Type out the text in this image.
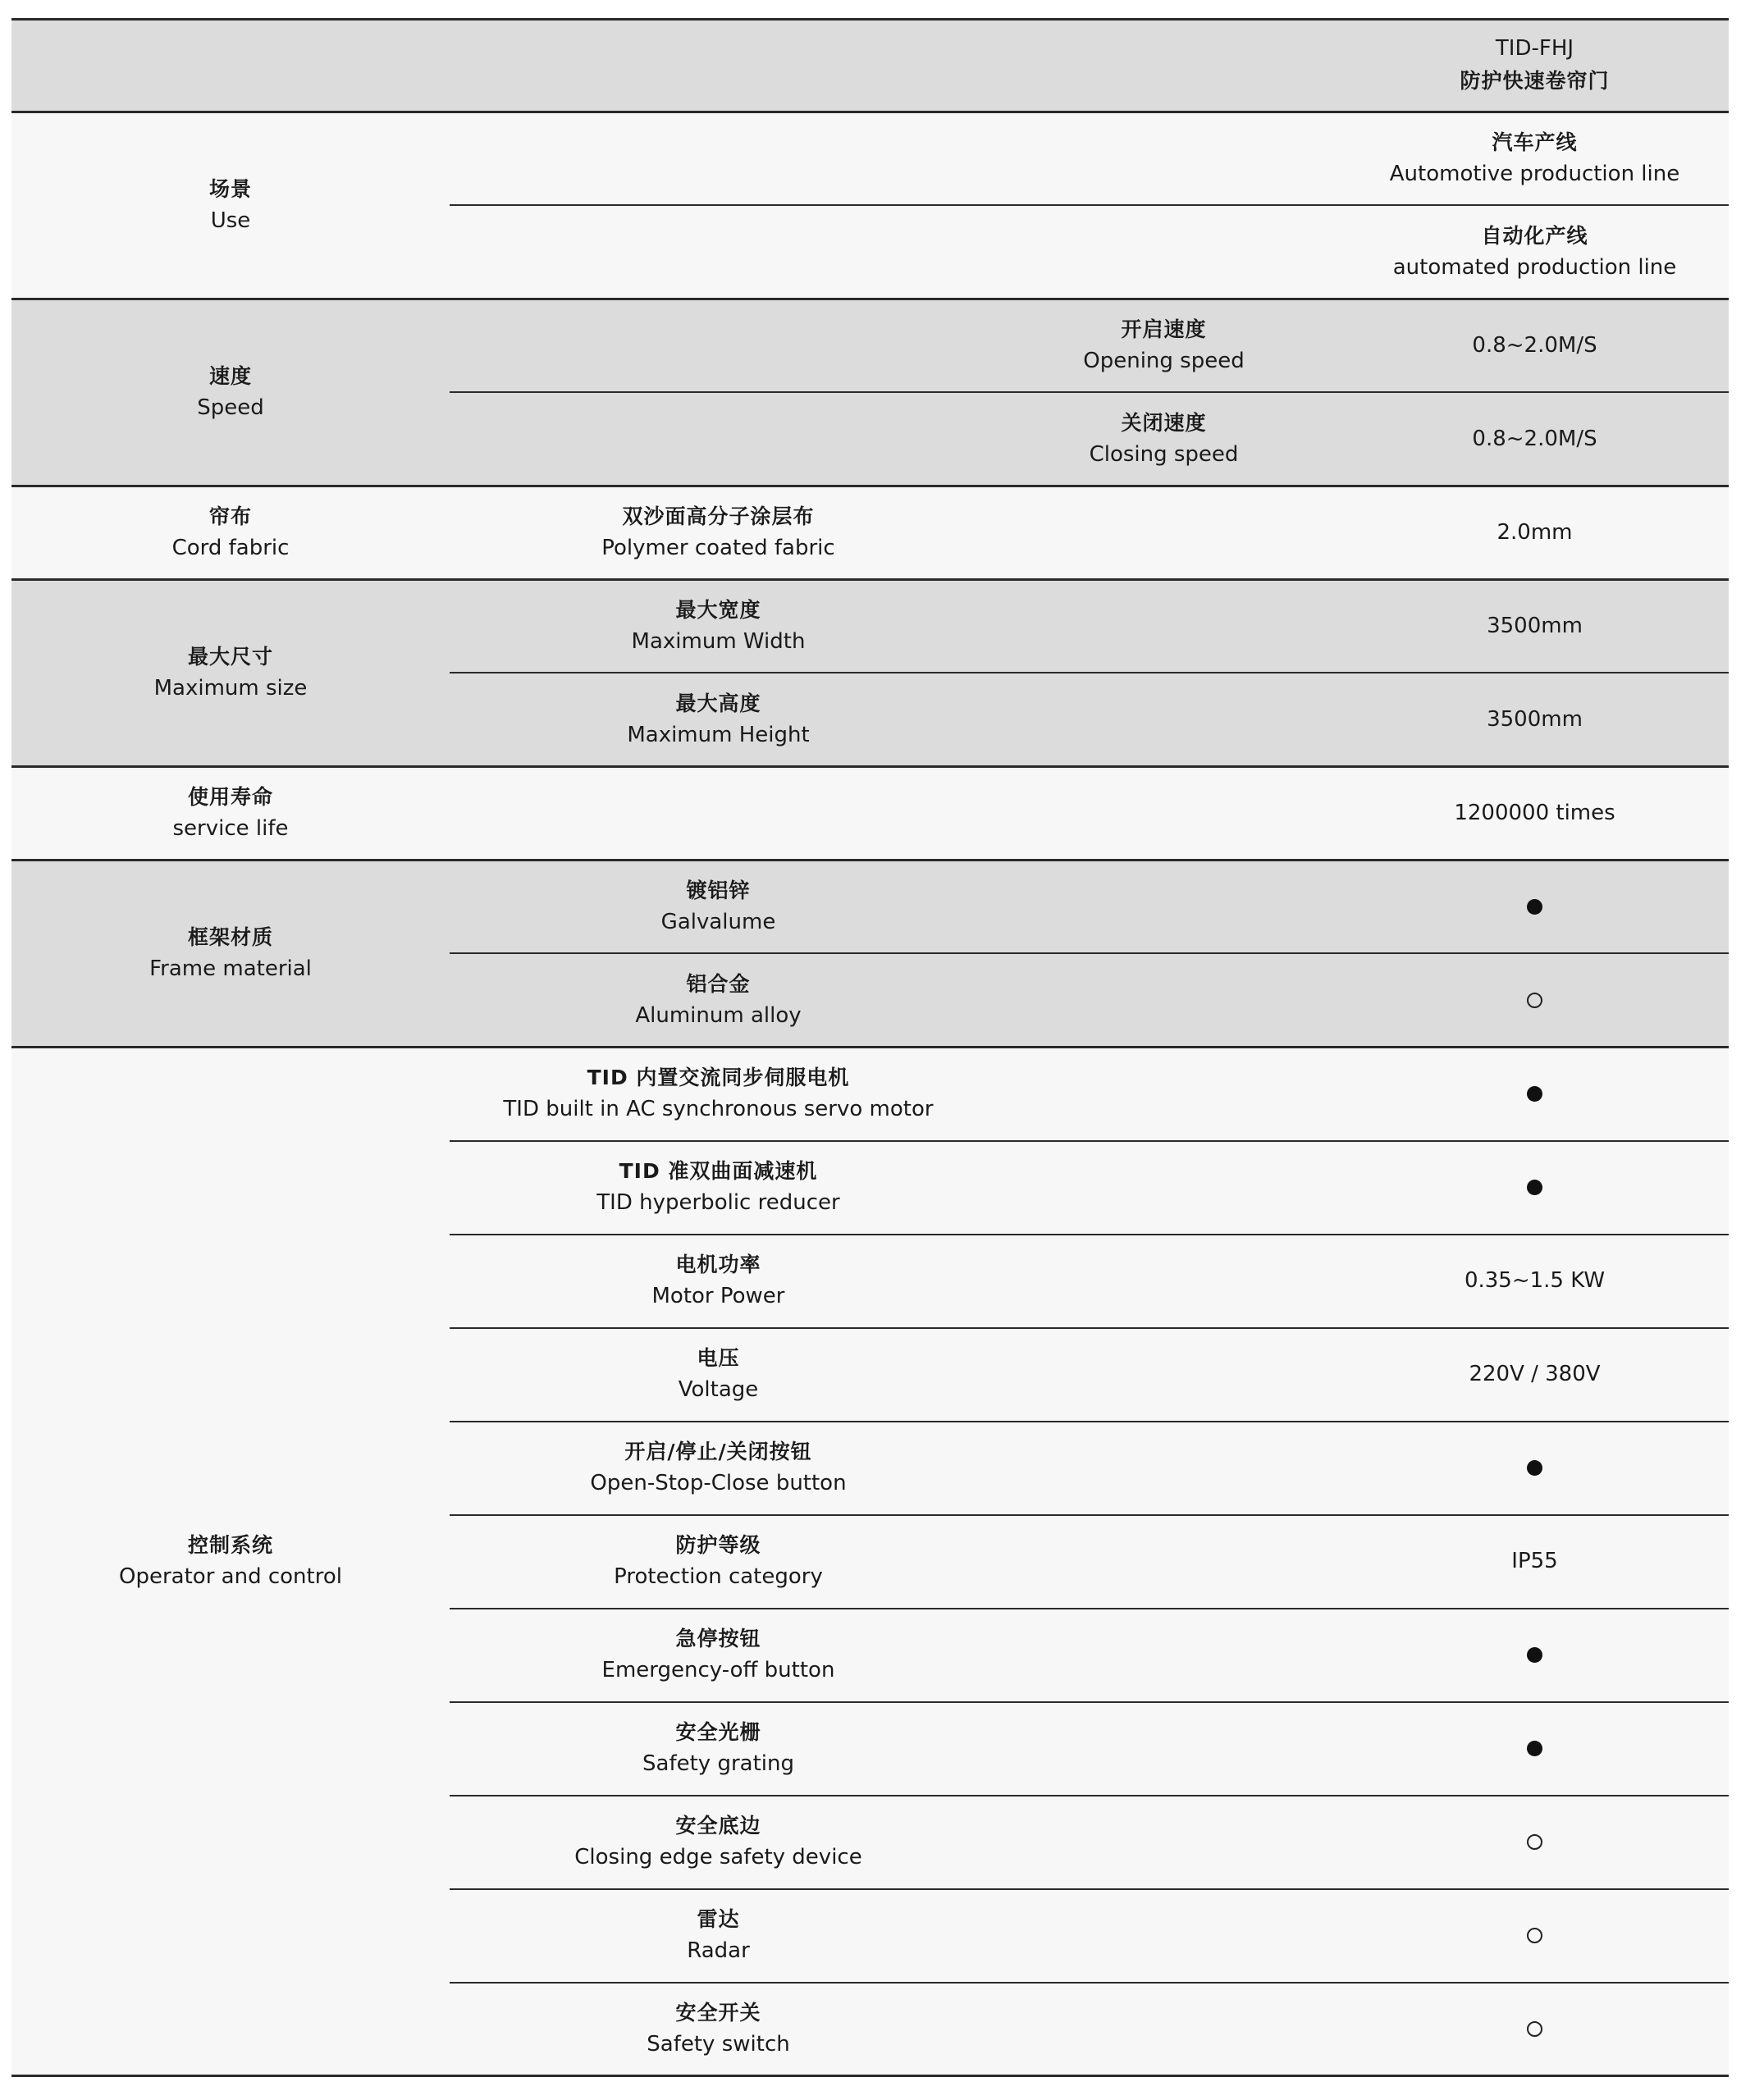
TID-FHJ
防护快速卷帘门
场景
Use
汽车产线
Automotive production line
自动化产线
automated production line
速度
Speed
开启速度
Opening speed
0.8~2.0M/S
关闭速度
Closing speed
0.8~2.0M/S
帘布
Cord fabric
双沙面高分子涂层布
Polymer coated fabric
2.0mm
最大尺寸
Maximum size
最大宽度
Maximum Width
3500mm
最大高度
Maximum Height
3500mm
使用寿命
service life
1200000 times
框架材质
Frame material
镀铝锌
Galvalume
铝合金
Aluminum alloy
控制系统
Operator and control
TID 内置交流同步伺服电机
TID built in AC synchronous servo motor
TID 准双曲面减速机
TID hyperbolic reducer
电机功率
Motor Power
0.35~1.5 KW
电压
Voltage
220V / 380V
开启/停止/关闭按钮
Open-Stop-Close button
防护等级
Protection category
IP55
急停按钮
Emergency-off button
安全光栅
Safety grating
安全底边
Closing edge safety device
雷达
Radar
安全开关
Safety switch
